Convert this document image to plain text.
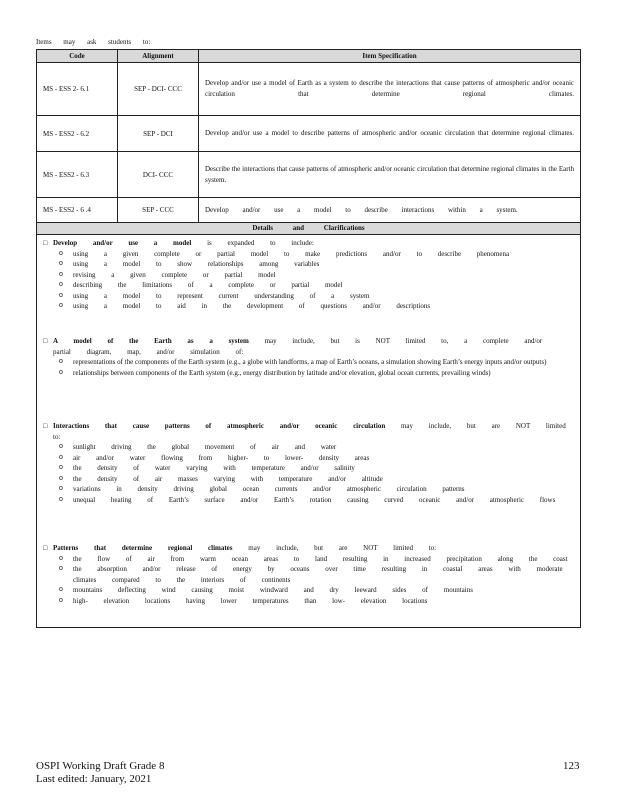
Items may ask students to:
Code	Alignment	Item Specification
MS - ESS 2- 6.1	SEP - DCI- CCC	Develop and/or use a model of Earth as a system to describe the interactions that cause patterns of atmospheric and/or oceanic circulation that determine regional climates.
MS - ESS2 - 6.2	SEP - DCI	Develop and/or use a model to describe patterns of atmospheric and/or oceanic circulation that determine regional climates.
MS - ESS2 - 6.3	DCI- CCC	Describe the interactions that cause patterns of atmospheric and/or oceanic circulation that determine regional climates in the Earth system.
MS - ESS2 - 6 .4	SEP - CCC	Develop and/or use a model to describe interactions within a system.
Details and Clarifications
□ Develop and/or use a model is expanded to include:
o	using a given complete or partial model to make predictions and/or to describe phenomena
o	using a model to show relationships among variables
o	revising a given complete or partial model
o	describing the limitations of a complete or partial model
o	using a model to represent current understanding of a system
o	using a model to aid in the development of questions and/or descriptions
□ A model of the Earth as a system may include, but is NOT limited to, a complete and/or partial diagram, map, and/or simulation of:
o	representations of the components of the Earth system (e.g., a globe with landforms, a map of Earth’s oceans, a simulation showing Earth’s energy inputs and/or outputs)
o	relationships between components of the Earth system (e.g., energy distribution by latitude and/or elevation, global ocean currents, prevailing winds)
□ Interactions that cause patterns of atmospheric and/or oceanic circulation may include, but are NOT limited to:
o	sunlight driving the global movement of air and water
o	air and/or water flowing from higher- to lower- density areas
o	the density of water varying with temperature and/or salinity
o	the density of air masses varying with temperature and/or altitude
o	variations in density driving global ocean currents and/or atmospheric circulation patterns
o	unequal heating of Earth’s surface and/or Earth’s rotation causing curved oceanic and/or atmospheric flows
□ Patterns that determine regional climates may include, but are NOT limited to:
o	the flow of air from warm ocean areas to land resulting in increased precipitation along the coast
o	the absorption and/or release of energy by oceans over time resulting in coastal areas with moderate climates compared to the interiors of continents
o	mountains deflecting wind causing moist windward and dry leeward sides of mountains
o	high- elevation locations having lower temperatures than low- elevation locations
OSPI Working Draft Grade 8
Last edited: January, 2021
123
